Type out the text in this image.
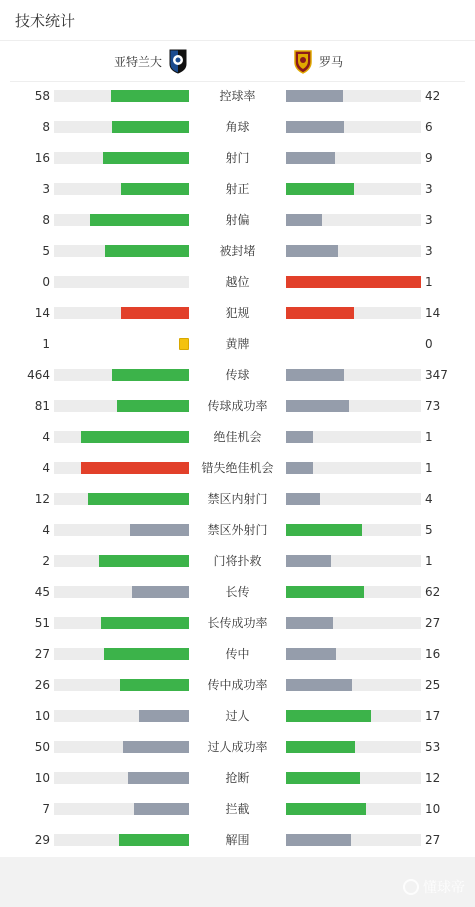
技术统计
亚特兰大	罗马
58	控球率	42
8	角球	6
16	射门	9
3	射正	3
8	射偏	3
5	被封堵	3
0	越位	1
14	犯规	14
1	黄牌	0
464	传球	347
81	传球成功率	73
4	绝佳机会	1
4	错失绝佳机会	1
12	禁区内射门	4
4	禁区外射门	5
2	门将扑救	1
45	长传	62
51	长传成功率	27
27	传中	16
26	传中成功率	25
10	过人	17
50	过人成功率	53
10	抢断	12
7	拦截	10
29	解围	27
懂球帝
